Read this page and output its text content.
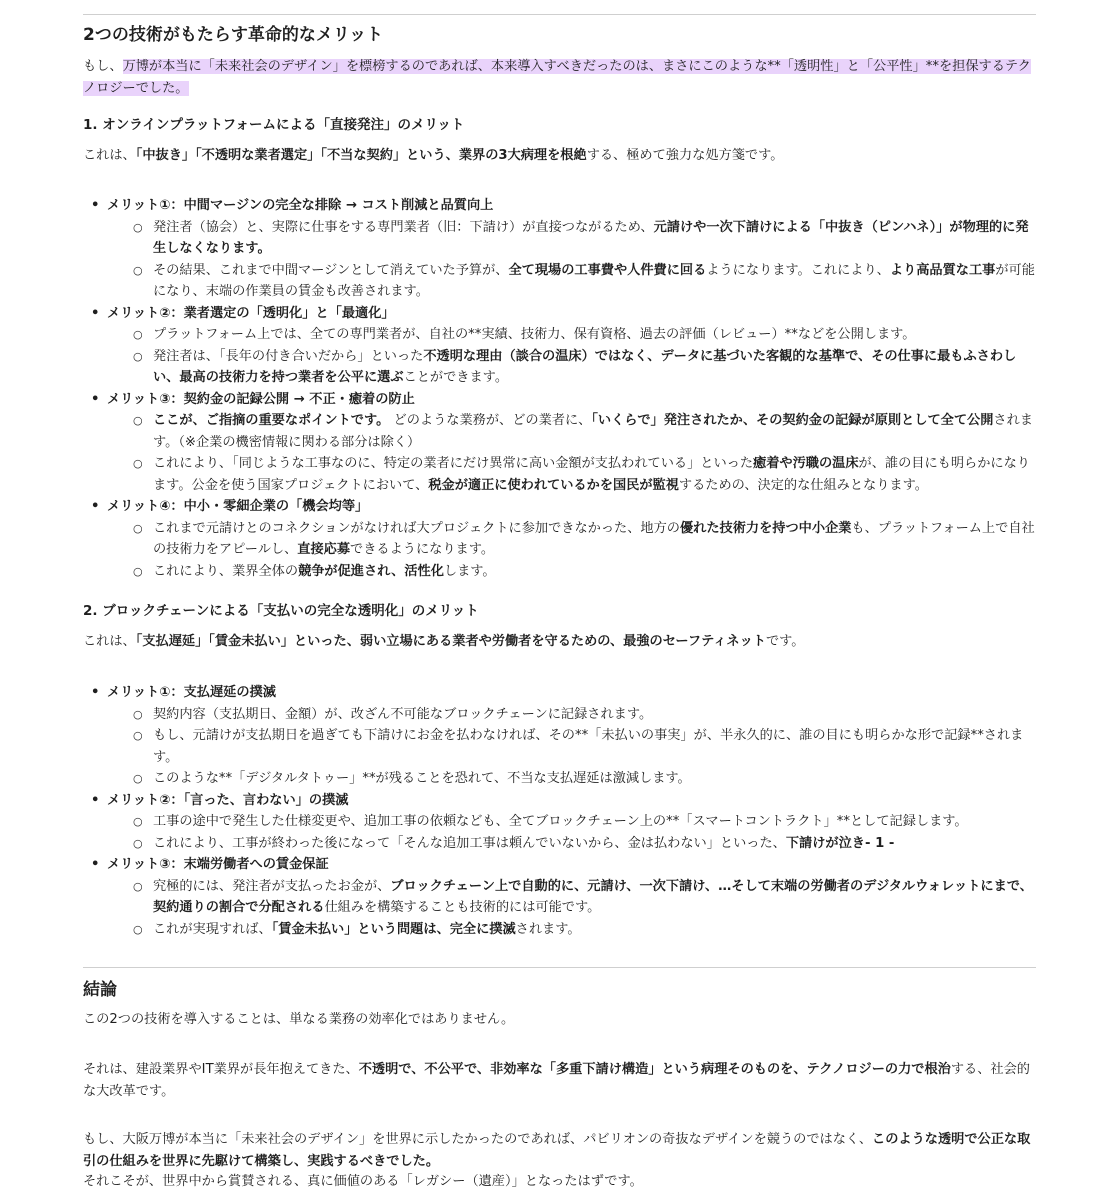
2つの技術がもたらす革命的なメリット
もし、万博が本当に「未来社会のデザイン」を標榜するのであれば、本来導入すべきだったのは、まさにこのような**「透明性」と「公平性」**を担保するテクノロジーでした。
1. オンラインプラットフォームによる「直接発注」のメリット
これは、「中抜き」「不透明な業者選定」「不当な契約」という、業界の3大病理を根絶する、極めて強力な処方箋です。
• メリット①：中間マージンの完全な排除 → コスト削減と品質向上
○ 発注者（協会）と、実際に仕事をする専門業者（旧：下請け）が直接つながるため、元請けや一次下請けによる「中抜き（ピンハネ）」が物理的に発生しなくなります。
○ その結果、これまで中間マージンとして消えていた予算が、全て現場の工事費や人件費に回るようになります。これにより、より高品質な工事が可能になり、末端の作業員の賃金も改善されます。
• メリット②：業者選定の「透明化」と「最適化」
○ プラットフォーム上では、全ての専門業者が、自社の**実績、技術力、保有資格、過去の評価（レビュー）**などを公開します。
○ 発注者は、「長年の付き合いだから」といった不透明な理由（談合の温床）ではなく、データに基づいた客観的な基準で、その仕事に最もふさわしい、最高の技術力を持つ業者を公平に選ぶことができます。
• メリット③：契約金の記録公開 → 不正・癒着の防止
○ ここが、ご指摘の重要なポイントです。 どのような業務が、どの業者に、「いくらで」発注されたか、その契約金の記録が原則として全て公開されます。（※企業の機密情報に関わる部分は除く）
○ これにより、「同じような工事なのに、特定の業者にだけ異常に高い金額が支払われている」といった癒着や汚職の温床が、誰の目にも明らかになります。公金を使う国家プロジェクトにおいて、税金が適正に使われているかを国民が監視するための、決定的な仕組みとなります。
• メリット④：中小・零細企業の「機会均等」
○ これまで元請けとのコネクションがなければ大プロジェクトに参加できなかった、地方の優れた技術力を持つ中小企業も、プラットフォーム上で自社の技術力をアピールし、直接応募できるようになります。
○ これにより、業界全体の競争が促進され、活性化します。
2. ブロックチェーンによる「支払いの完全な透明化」のメリット
これは、「支払遅延」「賃金未払い」といった、弱い立場にある業者や労働者を守るための、最強のセーフティネットです。
• メリット①：支払遅延の撲滅
○ 契約内容（支払期日、金額）が、改ざん不可能なブロックチェーンに記録されます。
○ もし、元請けが支払期日を過ぎても下請けにお金を払わなければ、その**「未払いの事実」が、半永久的に、誰の目にも明らかな形で記録**されます。
○ このような**「デジタルタトゥー」**が残ることを恐れて、不当な支払遅延は激減します。
• メリット②：「言った、言わない」の撲滅
○ 工事の途中で発生した仕様変更や、追加工事の依頼なども、全てブロックチェーン上の**「スマートコントラクト」**として記録します。
○ これにより、工事が終わった後になって「そんな追加工事は頼んでいないから、金は払わない」といった、下請けが泣き- 1 -
• メリット③：末端労働者への賃金保証
○ 究極的には、発注者が支払ったお金が、ブロックチェーン上で自動的に、元請け、一次下請け、…そして末端の労働者のデジタルウォレットにまで、契約通りの割合で分配される仕組みを構築することも技術的には可能です。
○ これが実現すれば、「賃金未払い」という問題は、完全に撲滅されます。
結論
この2つの技術を導入することは、単なる業務の効率化ではありません。
それは、建設業界やIT業界が長年抱えてきた、不透明で、不公平で、非効率な「多重下請け構造」という病理そのものを、テクノロジーの力で根治する、社会的な大改革です。
もし、大阪万博が本当に「未来社会のデザイン」を世界に示したかったのであれば、パビリオンの奇抜なデザインを競うのではなく、このような透明で公正な取引の仕組みを世界に先駆けて構築し、実践するべきでした。
それこそが、世界中から賞賛される、真に価値のある「レガシー（遺産）」となったはずです。
